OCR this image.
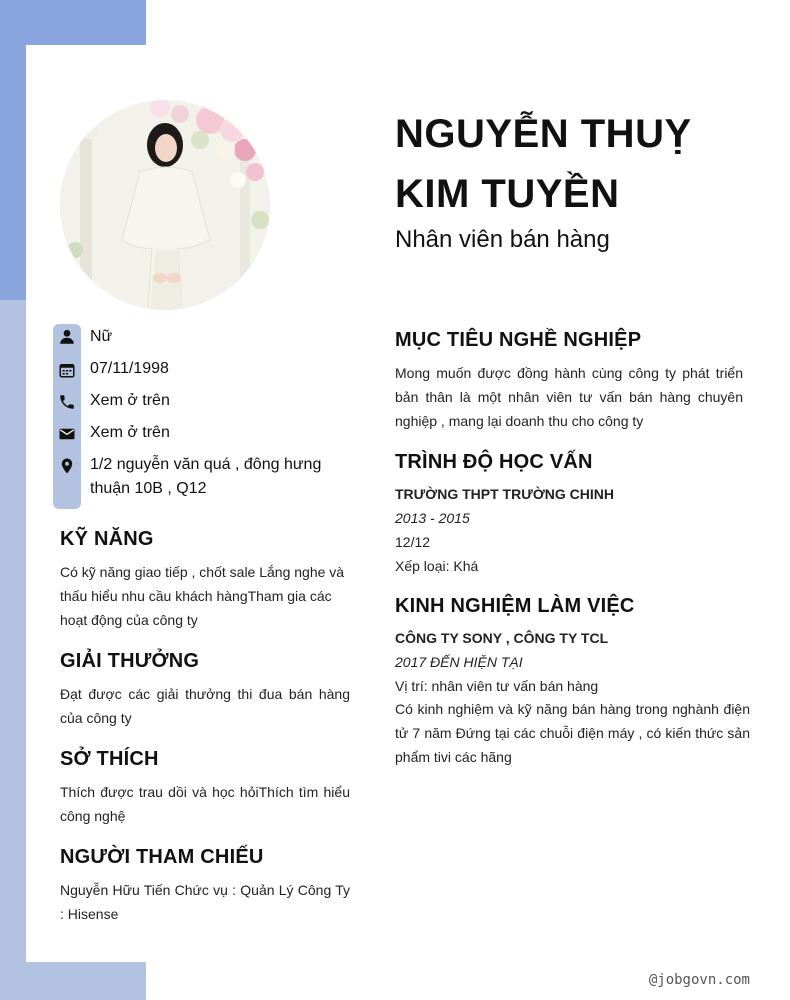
NGUYỄN THUỴ
KIM TUYỀN
Nhân viên bán hàng
Nữ
07/11/1998
Xem ở trên
Xem ở trên
1/2 nguyễn văn quá , đông hưng thuận 10B , Q12
KỸ NĂNG
Có kỹ năng giao tiếp , chốt sale Lắng nghe và thấu hiểu nhu cầu khách hàngTham gia các hoạt động của công ty
GIẢI THƯỞNG
Đạt được các giải thưởng thi đua bán hàng của công ty
SỞ THÍCH
Thích được trau dồi và học hỏiThích tìm hiểu công nghệ
NGƯỜI THAM CHIẾU
Nguyễn Hữu Tiến Chức vụ : Quản Lý Công Ty : Hisense
MỤC TIÊU NGHỀ NGHIỆP
Mong muốn được đồng hành cùng công ty phát triển bản thân là một nhân viên tư vấn bán hàng chuyên nghiệp , mang lại doanh thu cho công ty
TRÌNH ĐỘ HỌC VẤN
TRƯỜNG THPT TRƯỜNG CHINH
2013 - 2015
12/12
Xếp loại: Khá
KINH NGHIỆM LÀM VIỆC
CÔNG TY SONY , CÔNG TY TCL
2017 ĐẾN HIỆN TẠI
Vị trí: nhân viên tư vấn bán hàng
Có kinh nghiệm và kỹ năng bán hàng trong nghành điện tử 7 năm Đứng tại các chuỗi điện máy , có kiến thức sản phẩm tivi các hãng
@jobgovn.com
